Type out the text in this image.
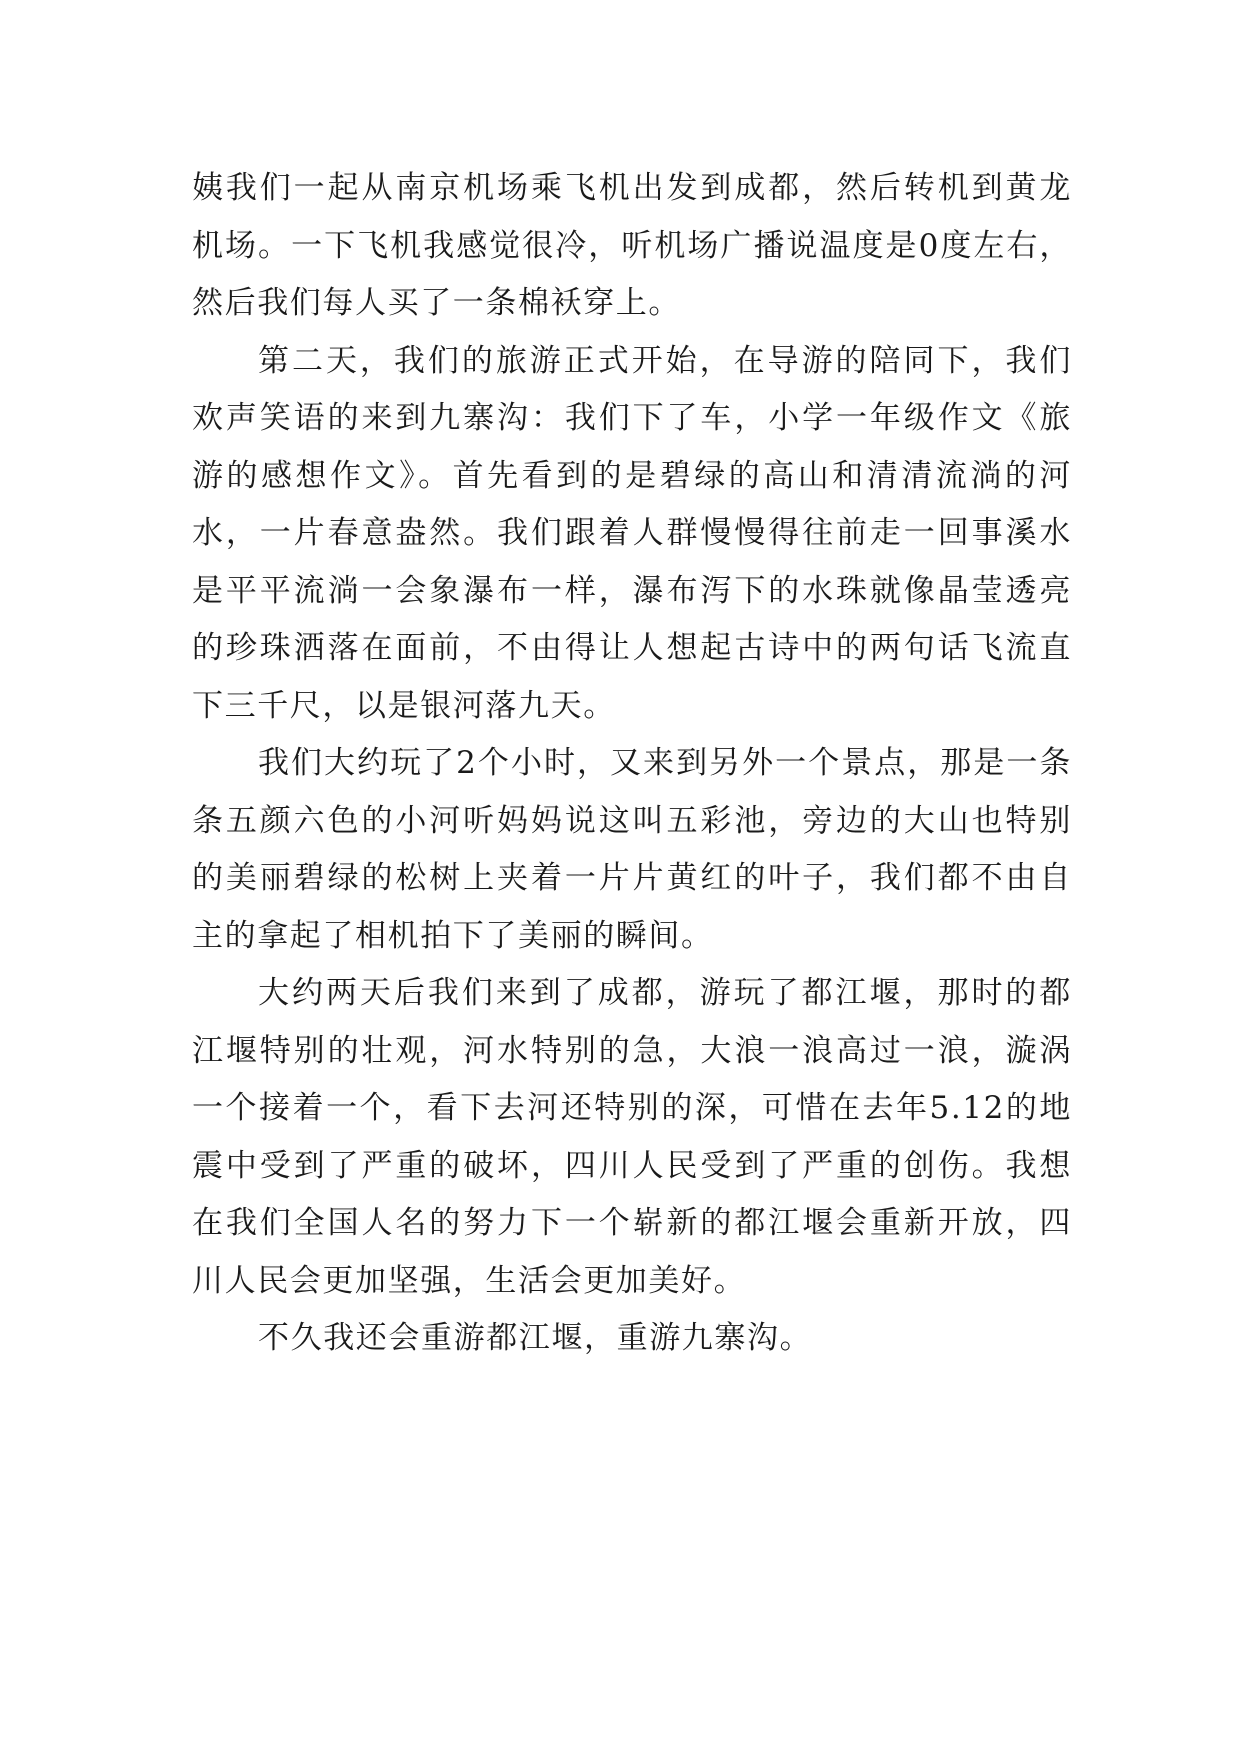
姨我们一起从南京机场乘飞机出发到成都，然后转机到黄龙机场。一下飞机我感觉很冷，听机场广播说温度是0度左右，然后我们每人买了一条棉袄穿上。

第二天，我们的旅游正式开始，在导游的陪同下，我们欢声笑语的来到九寨沟：我们下了车，小学一年级作文《旅游的感想作文》。首先看到的是碧绿的高山和清清流淌的河水，一片春意盎然。我们跟着人群慢慢得往前走一回事溪水是平平流淌一会象瀑布一样，瀑布泻下的水珠就像晶莹透亮的珍珠洒落在面前，不由得让人想起古诗中的两句话飞流直下三千尺，以是银河落九天。

我们大约玩了2个小时，又来到另外一个景点，那是一条条五颜六色的小河听妈妈说这叫五彩池，旁边的大山也特别的美丽碧绿的松树上夹着一片片黄红的叶子，我们都不由自主的拿起了相机拍下了美丽的瞬间。

大约两天后我们来到了成都，游玩了都江堰，那时的都江堰特别的壮观，河水特别的急，大浪一浪高过一浪，漩涡一个接着一个，看下去河还特别的深，可惜在去年5.12的地震中受到了严重的破坏，四川人民受到了严重的创伤。我想在我们全国人名的努力下一个崭新的都江堰会重新开放，四川人民会更加坚强，生活会更加美好。

不久我还会重游都江堰，重游九寨沟。
